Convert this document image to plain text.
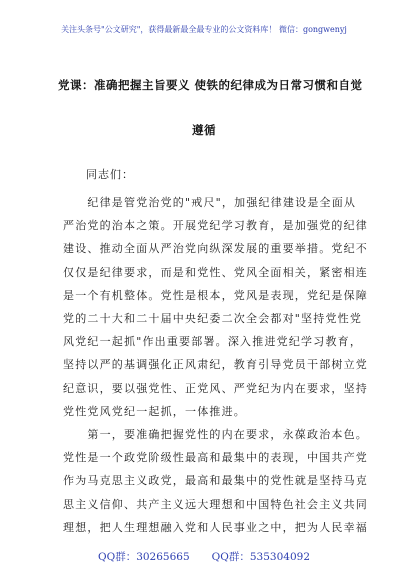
关注头条号"公文研究"，获得最新最全最专业的公文资料库！ 微信：gongwenyj
党课：准确把握主旨要义 使铁的纪律成为日常习惯和自觉
遵循
同志们：
　　纪律是管党治党的"戒尺"，加强纪律建设是全面从
严治党的治本之策。开展党纪学习教育，是加强党的纪律
建设、推动全面从严治党向纵深发展的重要举措。党纪不
仅仅是纪律要求，而是和党性、党风全面相关，紧密相连
是一个有机整体。党性是根本，党风是表现，党纪是保障
党的二十大和二十届中央纪委二次全会都对"坚持党性党
风党纪一起抓"作出重要部署。深入推进党纪学习教育，
坚持以严的基调强化正风肃纪，教育引导党员干部树立党
纪意识，要以强党性、正党风、严党纪为内在要求，坚持
党性党风党纪一起抓，一体推进。
　　第一，要准确把握党性的内在要求，永葆政治本色。
党性是一个政党阶级性最高和最集中的表现，中国共产党
作为马克思主义政党，最高和最集中的党性就是坚持马克
思主义信仰、共产主义远大理想和中国特色社会主义共同
理想，把人生理想融入党和人民事业之中，把为人民幸福
QQ群：30265665 QQ群：535304092
